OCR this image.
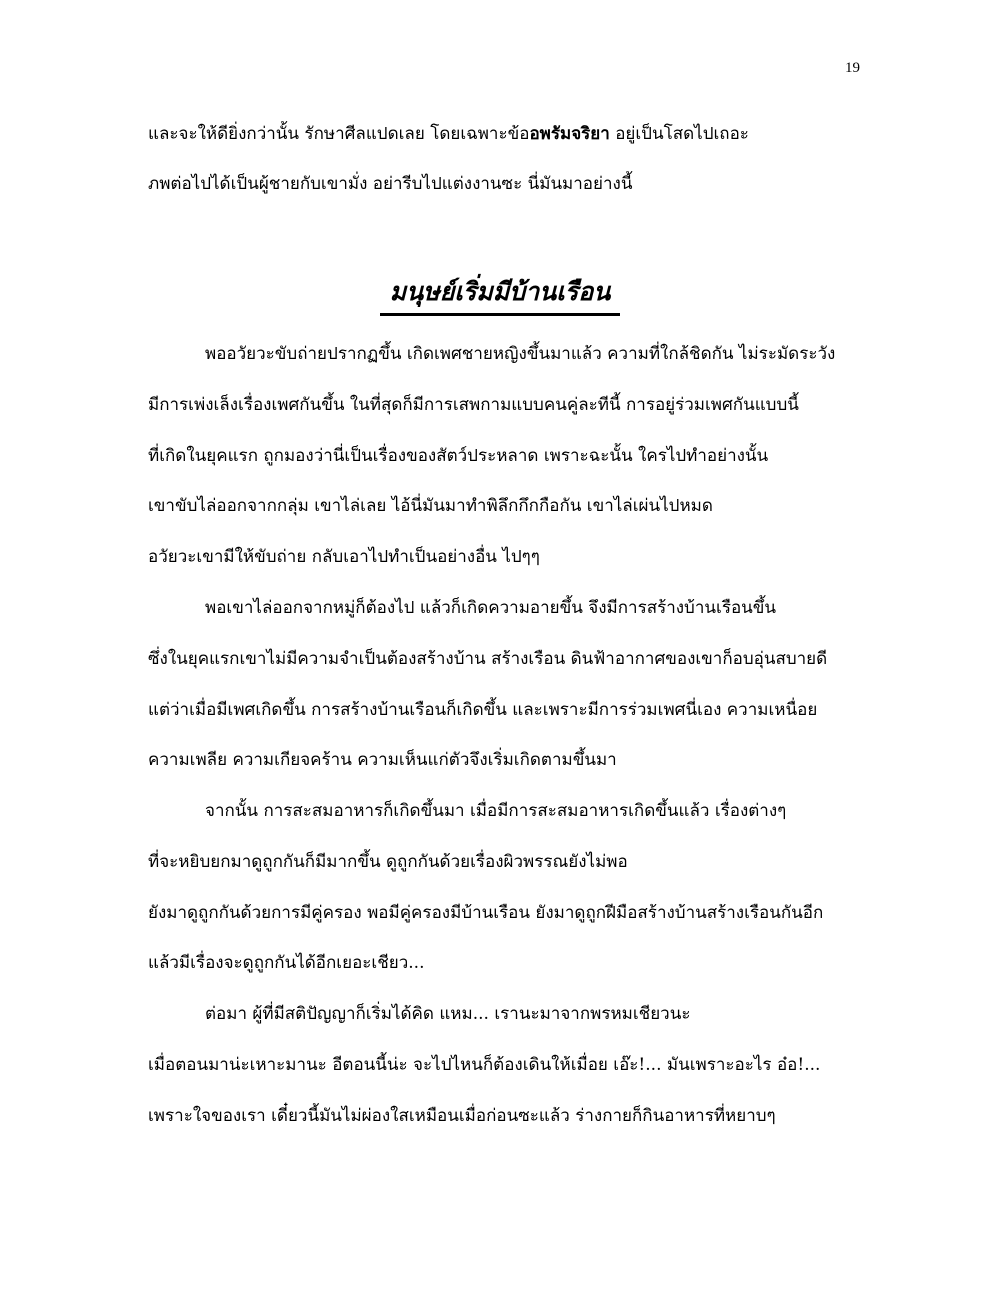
19
และจะให้ดียิ่งกว่านั้น รักษาศีลแปดเลย โดยเฉพาะข้ออพรัมจริยา อยู่เป็นโสดไปเถอะ
ภพต่อไปได้เป็นผู้ชายกับเขามั่ง อย่ารีบไปแต่งงานซะ นี่มันมาอย่างนี้
มนุษย์เริ่มมีบ้านเรือน
พออวัยวะขับถ่ายปรากฏขึ้น เกิดเพศชายหญิงขึ้นมาแล้ว ความที่ใกล้ชิดกัน ไม่ระมัดระวัง
มีการเพ่งเล็งเรื่องเพศกันขึ้น ในที่สุดก็มีการเสพกามแบบคนคู่ละทีนี้ การอยู่ร่วมเพศกันแบบนี้
ที่เกิดในยุคแรก ถูกมองว่านี่เป็นเรื่องของสัตว์ประหลาด เพราะฉะนั้น ใครไปทำอย่างนั้น
เขาขับไล่ออกจากกลุ่ม เขาไล่เลย ไอ้นี่มันมาทำพิลึกกึกกือกัน เขาไล่เผ่นไปหมด
อวัยวะเขามีให้ขับถ่าย กลับเอาไปทำเป็นอย่างอื่น ไปๆๆ
พอเขาไล่ออกจากหมู่ก็ต้องไป แล้วก็เกิดความอายขึ้น จึงมีการสร้างบ้านเรือนขึ้น
ซึ่งในยุคแรกเขาไม่มีความจำเป็นต้องสร้างบ้าน สร้างเรือน ดินฟ้าอากาศของเขาก็อบอุ่นสบายดี
แต่ว่าเมื่อมีเพศเกิดขึ้น การสร้างบ้านเรือนก็เกิดขึ้น และเพราะมีการร่วมเพศนี่เอง ความเหนื่อย
ความเพลีย ความเกียจคร้าน ความเห็นแก่ตัวจึงเริ่มเกิดตามขึ้นมา
จากนั้น การสะสมอาหารก็เกิดขึ้นมา เมื่อมีการสะสมอาหารเกิดขึ้นแล้ว เรื่องต่างๆ
ที่จะหยิบยกมาดูถูกกันก็มีมากขึ้น ดูถูกกันด้วยเรื่องผิวพรรณยังไม่พอ
ยังมาดูถูกกันด้วยการมีคู่ครอง พอมีคู่ครองมีบ้านเรือน ยังมาดูถูกฝีมือสร้างบ้านสร้างเรือนกันอีก
แล้วมีเรื่องจะดูถูกกันได้อีกเยอะเชียว...
ต่อมา ผู้ที่มีสติปัญญาก็เริ่มได้คิด แหม... เรานะมาจากพรหมเชียวนะ
เมื่อตอนมาน่ะเหาะมานะ อีตอนนี้น่ะ จะไปไหนก็ต้องเดินให้เมื่อย เอ๊ะ!... มันเพราะอะไร อ๋อ!...
เพราะใจของเรา เดี๋ยวนี้มันไม่ผ่องใสเหมือนเมื่อก่อนซะแล้ว ร่างกายก็กินอาหารที่หยาบๆ
